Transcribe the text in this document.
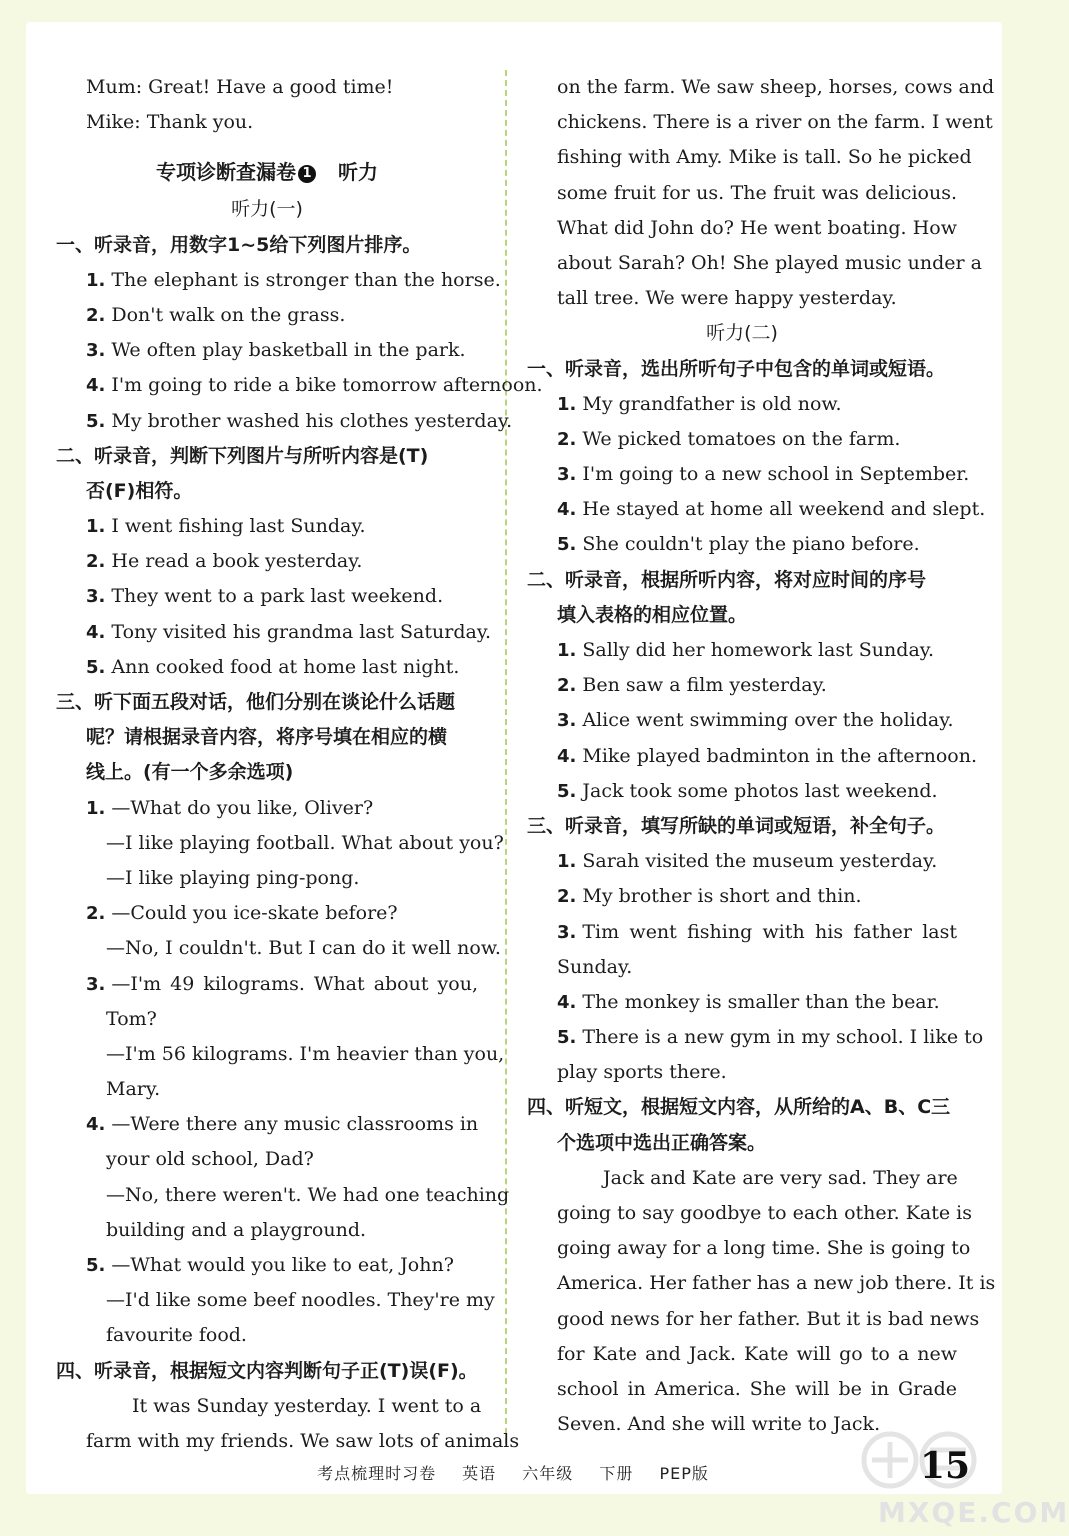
Mum: Great! Have a good time!
Mike: Thank you.
专项诊断查漏卷 1 听力
听力(一)
一、听录音，用数字1~5给下列图片排序。
1. The elephant is stronger than the horse.
2. Don't walk on the grass.
3. We often play basketball in the park.
4. I'm going to ride a bike tomorrow afternoon.
5. My brother washed his clothes yesterday.
二、听录音，判断下列图片与所听内容是(T)
否(F)相符。
1. I went fishing last Sunday.
2. He read a book yesterday.
3. They went to a park last weekend.
4. Tony visited his grandma last Saturday.
5. Ann cooked food at home last night.
三、听下面五段对话，他们分别在谈论什么话题
呢？请根据录音内容，将序号填在相应的横
线上。(有一个多余选项)
1. —What do you like, Oliver?
—I like playing football. What about you?
—I like playing ping-pong.
2. —Could you ice-skate before?
—No, I couldn't. But I can do it well now.
3. —I'm 49 kilograms. What about you,
Tom?
—I'm 56 kilograms. I'm heavier than you,
Mary.
4. —Were there any music classrooms in
your old school, Dad?
—No, there weren't. We had one teaching
building and a playground.
5. —What would you like to eat, John?
—I'd like some beef noodles. They're my
favourite food.
四、听录音，根据短文内容判断句子正(T)误(F)。
It was Sunday yesterday. I went to a
farm with my friends. We saw lots of animals
on the farm. We saw sheep, horses, cows and
chickens. There is a river on the farm. I went
fishing with Amy. Mike is tall. So he picked
some fruit for us. The fruit was delicious.
What did John do? He went boating. How
about Sarah? Oh! She played music under a
tall tree. We were happy yesterday.
听力(二)
一、听录音，选出所听句子中包含的单词或短语。
1. My grandfather is old now.
2. We picked tomatoes on the farm.
3. I'm going to a new school in September.
4. He stayed at home all weekend and slept.
5. She couldn't play the piano before.
二、听录音，根据所听内容，将对应时间的序号
填入表格的相应位置。
1. Sally did her homework last Sunday.
2. Ben saw a film yesterday.
3. Alice went swimming over the holiday.
4. Mike played badminton in the afternoon.
5. Jack took some photos last weekend.
三、听录音，填写所缺的单词或短语，补全句子。
1. Sarah visited the museum yesterday.
2. My brother is short and thin.
3. Tim went fishing with his father last
Sunday.
4. The monkey is smaller than the bear.
5. There is a new gym in my school. I like to
play sports there.
四、听短文，根据短文内容，从所给的A、B、C三
个选项中选出正确答案。
Jack and Kate are very sad. They are
going to say goodbye to each other. Kate is
going away for a long time. She is going to
America. Her father has a new job there. It is
good news for her father. But it is bad news
for Kate and Jack. Kate will go to a new
school in America. She will be in Grade
Seven. And she will write to Jack.
MXQE.COM
考点梳理时习卷 英语 六年级 下册 PEP版	15
